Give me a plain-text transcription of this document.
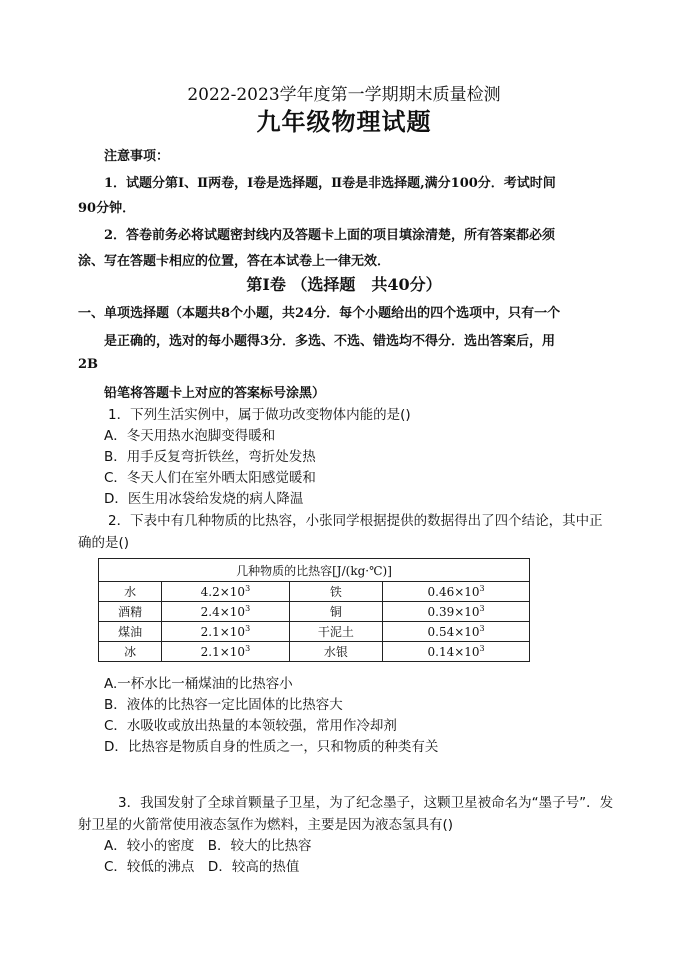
2022-2023学年度第一学期期末质量检测
九年级物理试题
注意事项：
1．试题分第Ⅰ、Ⅱ两卷，Ⅰ卷是选择题，Ⅱ卷是非选择题,满分100分．考试时间
90分钟．
2．答卷前务必将试题密封线内及答题卡上面的项目填涂清楚，所有答案都必须
涂、写在答题卡相应的位置，答在本试卷上一律无效．
第Ⅰ卷 （选择题　共40分）
一、单项选择题（本题共8个小题，共24分．每个小题给出的四个选项中，只有一个
是正确的，选对的每小题得3分．多选、不选、错选均不得分．选出答案后，用
2B
铅笔将答题卡上对应的答案标号涂黑）
1．下列生活实例中，属于做功改变物体内能的是()
A．冬天用热水泡脚变得暖和
B．用手反复弯折铁丝，弯折处发热
C．冬天人们在室外晒太阳感觉暖和
D．医生用冰袋给发烧的病人降温
2．下表中有几种物质的比热容，小张同学根据提供的数据得出了四个结论，其中正
确的是()
几种物质的比热容[J/(kg·℃)]			
水	$4.2\times 10^3$	铁	$0.46\times 10^3$
酒精	$2.4\times 10^3$	铜	$0.39\times 10^3$
煤油	$2.1\times 10^3$	干泥土	$0.54\times 10^3$
冰	$2.1\times 10^3$	水银	$0.14\times 10^3$
A.一杯水比一桶煤油的比热容小
B．液体的比热容一定比固体的比热容大
C．水吸收或放出热量的本领较强，常用作冷却剂
D．比热容是物质自身的性质之一，只和物质的种类有关
3．我国发射了全球首颗量子卫星，为了纪念墨子，这颗卫星被命名为“墨子号”．发
射卫星的火箭常使用液态氢作为燃料，主要是因为液态氢具有()
A．较小的密度　B．较大的比热容
C．较低的沸点　D．较高的热值
